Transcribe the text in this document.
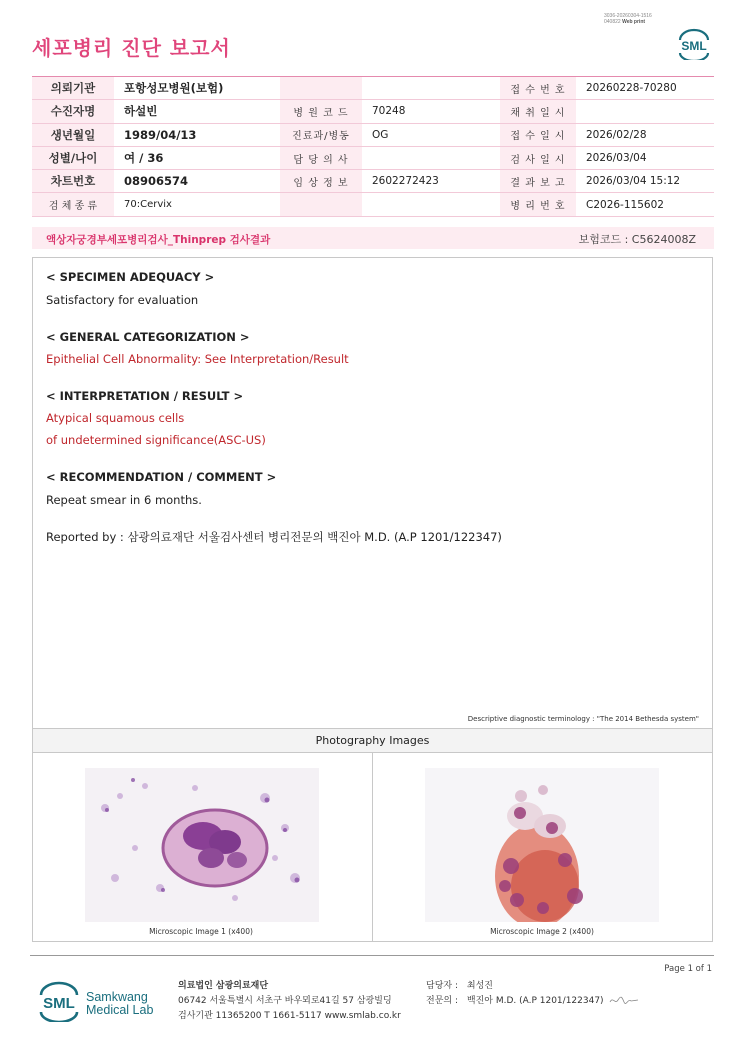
3036-20260304-1516
040822 Web print
세포병리 진단 보고서	SML
의뢰기관	포항성모병원(보험)			접 수 번 호	20260228-70280
수진자명	하설빈	병 원 코 드	70248	채 취 일 시	
생년월일	1989/04/13	진료과/병동	OG	접 수 일 시	2026/02/28
성별/나이	여 / 36	담 당 의 사		검 사 일 시	2026/03/04
차트번호	08906574	임 상 정 보	2602272423	결 과 보 고	2026/03/04 15:12
검 체 종 류	70:Cervix			병 리 번 호	C2026-115602
액상자궁경부세포병리검사_Thinprep 검사결과	보험코드 : C5624008Z
< SPECIMEN ADEQUACY >
Satisfactory for evaluation
< GENERAL CATEGORIZATION >
Epithelial Cell Abnormality: See Interpretation/Result
< INTERPRETATION / RESULT >
Atypical squamous cells
of undetermined significance(ASC-US)
< RECOMMENDATION / COMMENT >
Repeat smear in 6 months.
Reported by : 삼광의료재단 서울검사센터 병리전문의 백진아 M.D. (A.P 1201/122347)
Descriptive diagnostic terminology : "The 2014 Bethesda system"
Photography Images
Microscopic Image 1 (x400)	Microscopic Image 2 (x400)
Page 1 of 1
SML Samkwang
Medical Lab
의료법인 삼광의료재단
06742 서울특별시 서초구 바우뫼로41길 57 삼광빌딩
검사기관 11365200 T 1661-5117 www.smlab.co.kr
담당자 : 최성진
전문의 : 백진아 M.D. (A.P 1201/122347)
